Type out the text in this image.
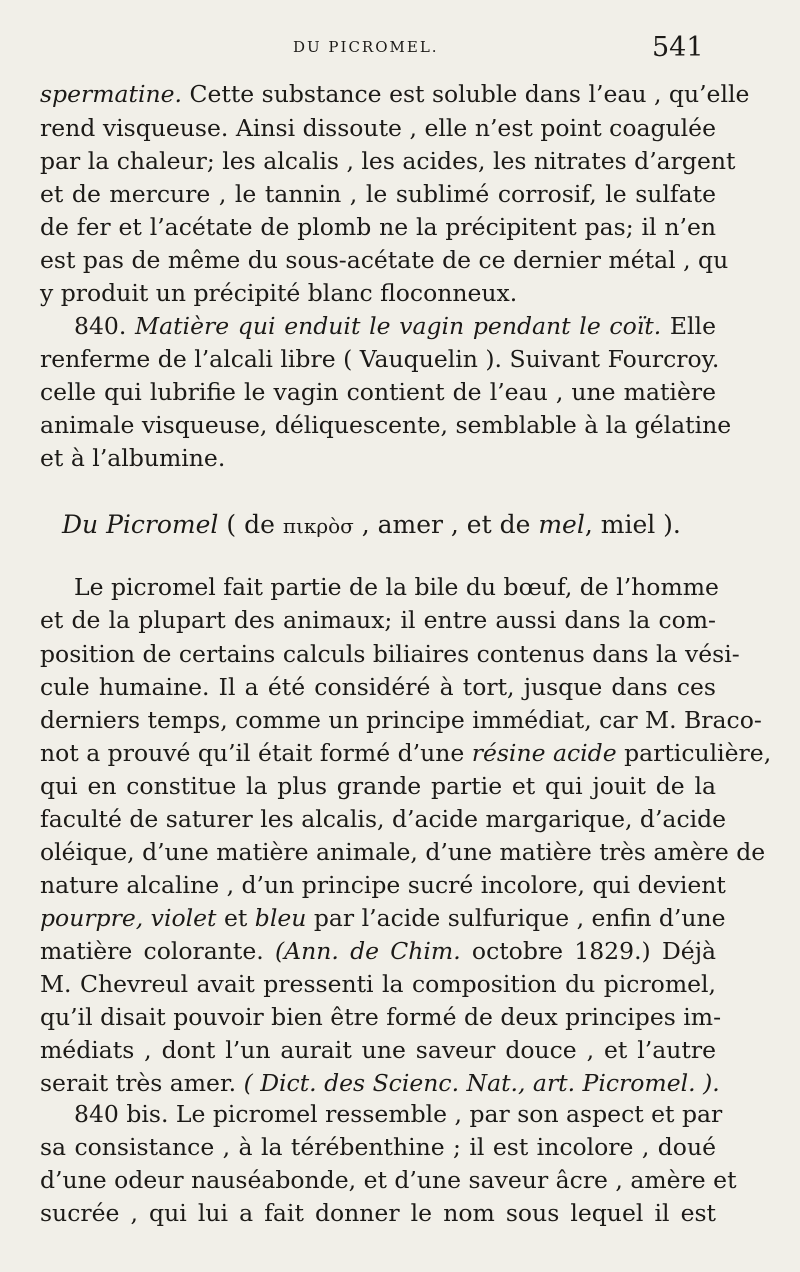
DU PICROMEL.	541
spermatine. Cette substance est soluble dans l’eau , qu’elle
rend visqueuse. Ainsi dissoute , elle n’est point coagulée
par la chaleur; les alcalis , les acides, les nitrates d’argent
et de mercure , le tannin , le sublimé corrosif, le sulfate
de fer et l’acétate de plomb ne la précipitent pas; il n’en
est pas de même du sous-acétate de ce dernier métal , qu
y produit un précipité blanc floconneux.
840. Matière qui enduit le vagin pendant le coït. Elle
renferme de l’alcali libre ( Vauquelin ). Suivant Fourcroy.
celle qui lubrifie le vagin contient de l’eau , une matière
animale visqueuse, déliquescente, semblable à la gélatine
et à l’albumine.
Du Picromel ( de πικρὸσ , amer , et de mel, miel ).
Le picromel fait partie de la bile du bœuf, de l’homme
et de la plupart des animaux; il entre aussi dans la com-
position de certains calculs biliaires contenus dans la vési-
cule humaine. Il a été considéré à tort, jusque dans ces
derniers temps, comme un principe immédiat, car M. Braco-
not a prouvé qu’il était formé d’une résine acide particulière,
qui en constitue la plus grande partie et qui jouit de la
faculté de saturer les alcalis, d’acide margarique, d’acide
oléique, d’une matière animale, d’une matière très amère de
nature alcaline , d’un principe sucré incolore, qui devient
pourpre, violet et bleu par l’acide sulfurique , enfin d’une
matière colorante. (Ann. de Chim. octobre 1829.) Déjà
M. Chevreul avait pressenti la composition du picromel,
qu’il disait pouvoir bien être formé de deux principes im-
médiats , dont l’un aurait une saveur douce , et l’autre
serait très amer. ( Dict. des Scienc. Nat., art. Picromel. ).
840 bis. Le picromel ressemble , par son aspect et par
sa consistance , à la térébenthine ; il est incolore , doué
d’une odeur nauséabonde, et d’une saveur âcre , amère et
sucrée , qui lui a fait donner le nom sous lequel il est
